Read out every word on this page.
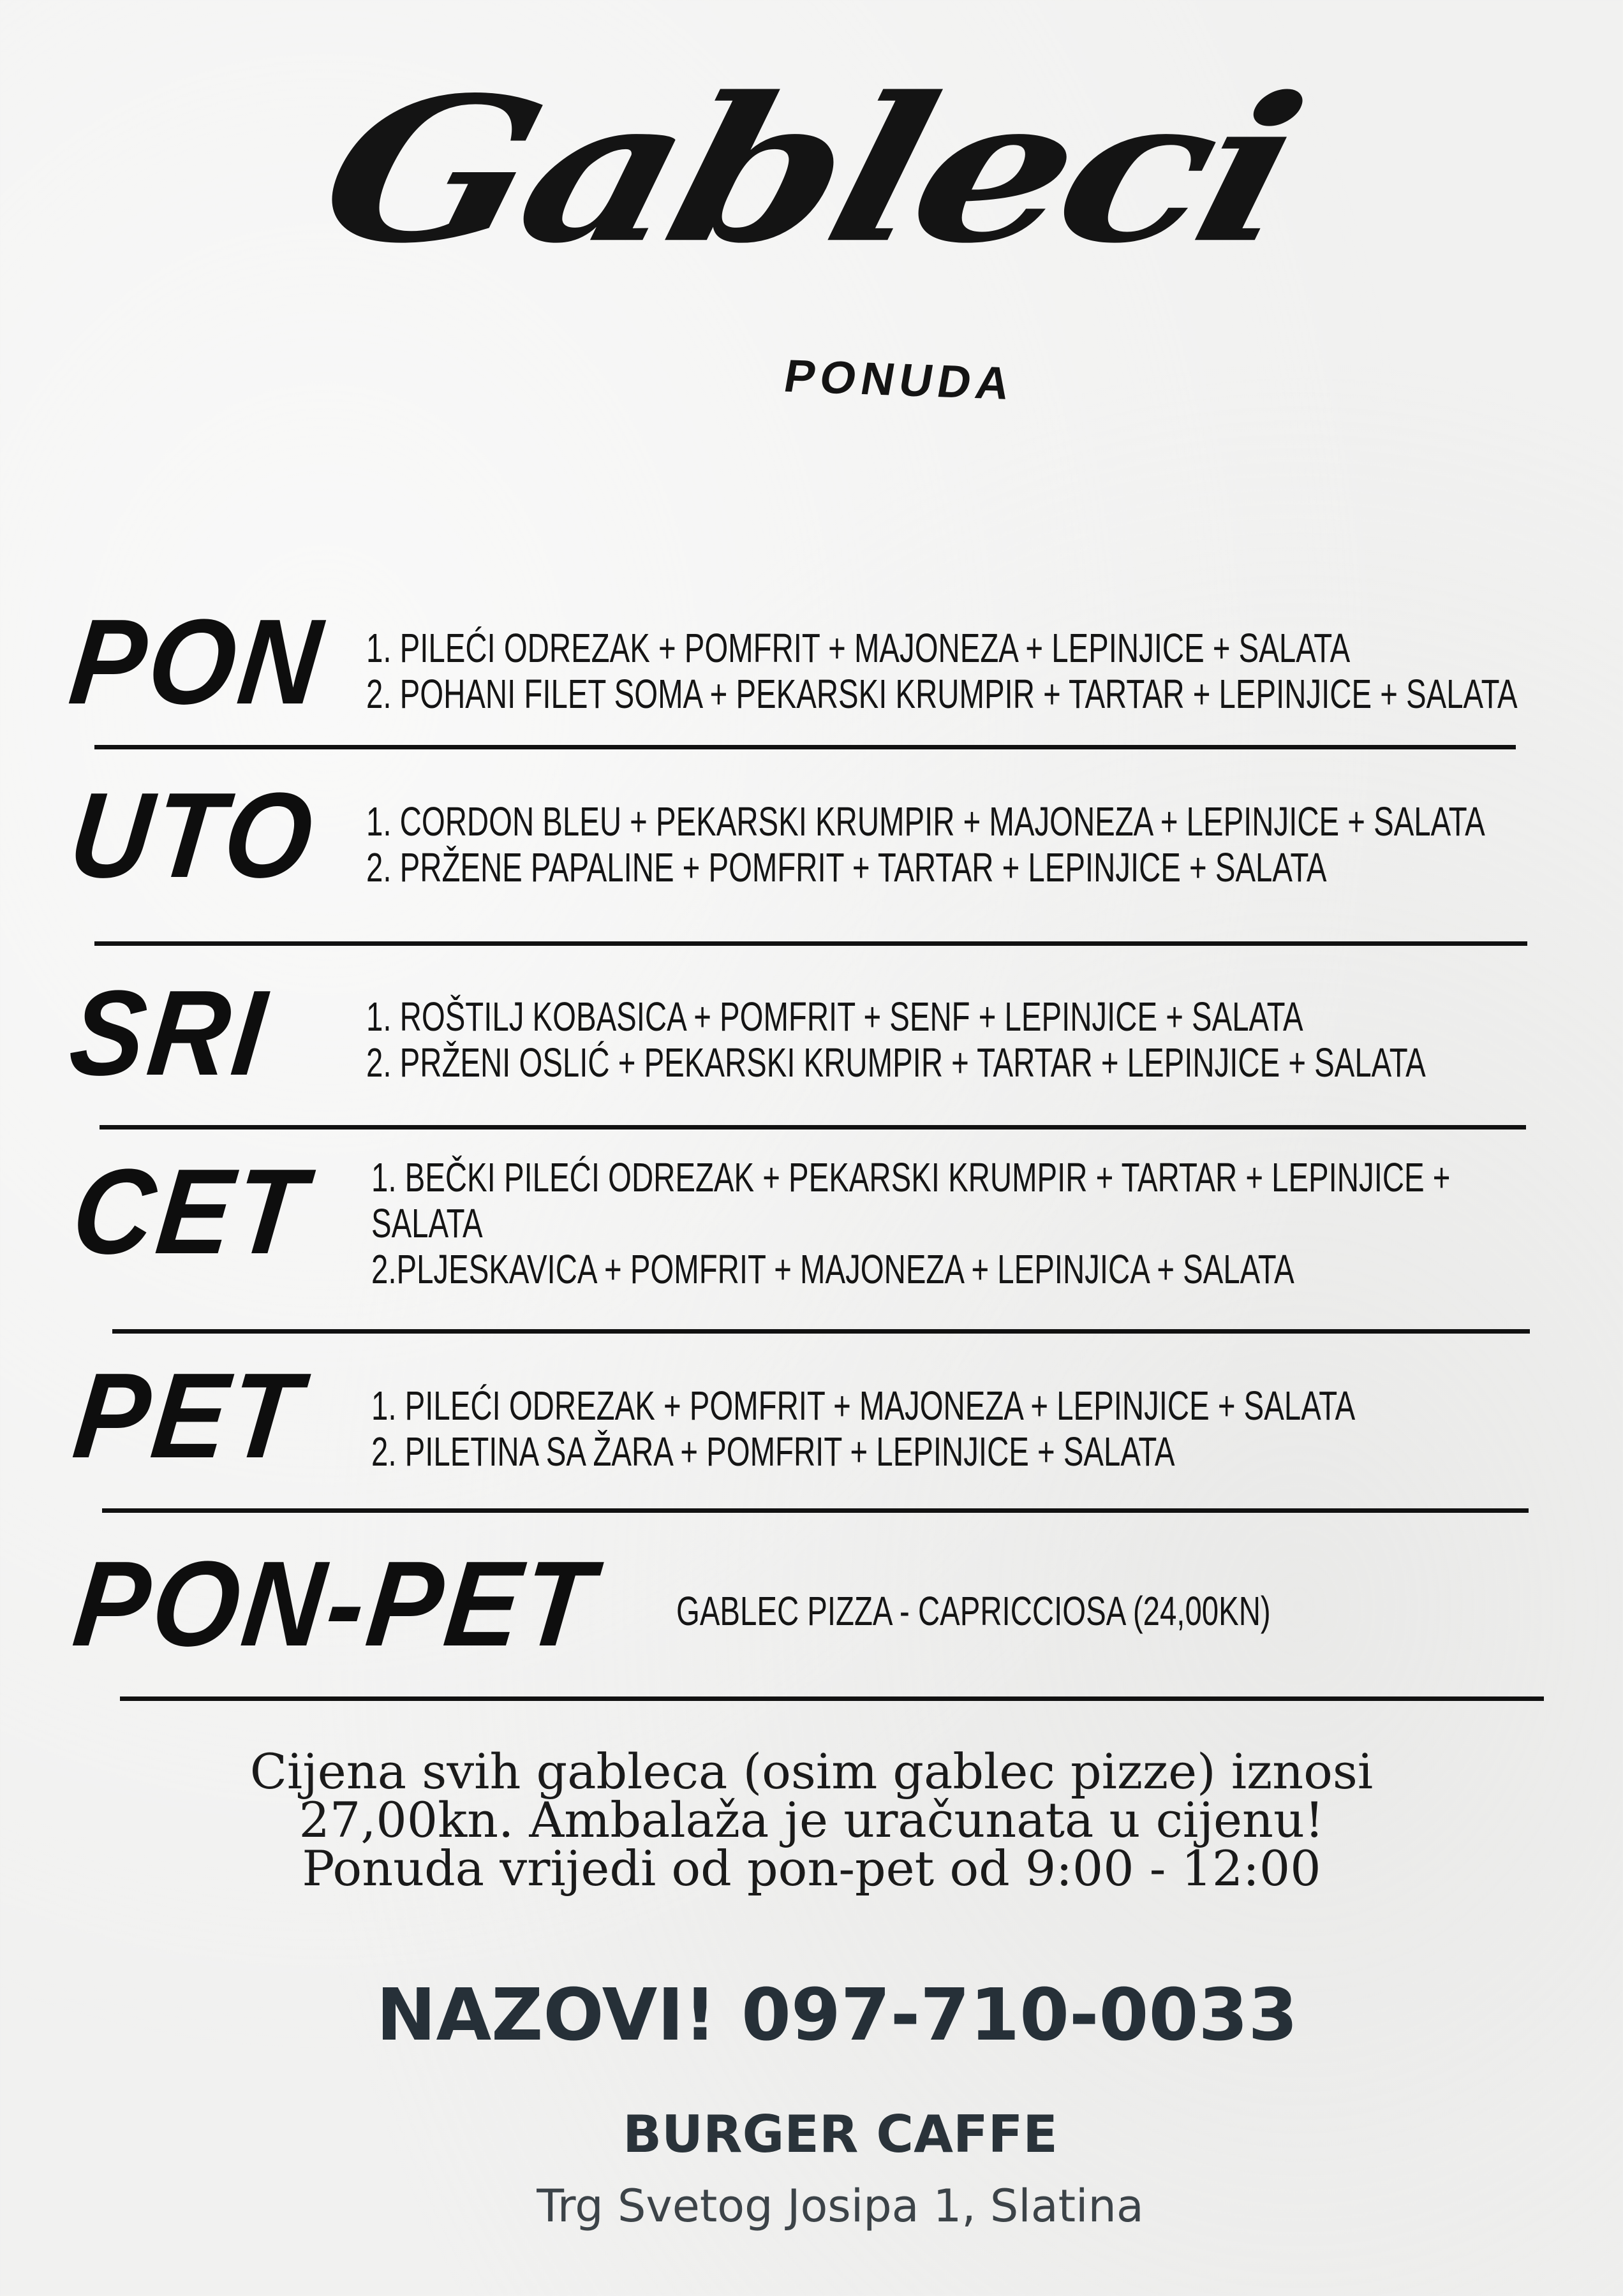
Gableci
PONUDA
PON 1. PILEĆI ODREZAK + POMFRIT + MAJONEZA + LEPINJICE + SALATA
2. POHANI FILET SOMA + PEKARSKI KRUMPIR + TARTAR + LEPINJICE + SALATA
UTO 1. CORDON BLEU + PEKARSKI KRUMPIR + MAJONEZA + LEPINJICE + SALATA
2. PRŽENE PAPALINE + POMFRIT + TARTAR + LEPINJICE + SALATA
SRI 1. ROŠTILJ KOBASICA + POMFRIT + SENF + LEPINJICE + SALATA
2. PRŽENI OSLIĆ + PEKARSKI KRUMPIR + TARTAR + LEPINJICE + SALATA
CET 1. BEČKI PILEĆI ODREZAK + PEKARSKI KRUMPIR + TARTAR + LEPINJICE +
SALATA
2.PLJESKAVICA + POMFRIT + MAJONEZA + LEPINJICA + SALATA
PET 1. PILEĆI ODREZAK + POMFRIT + MAJONEZA + LEPINJICE + SALATA
2. PILETINA SA ŽARA + POMFRIT + LEPINJICE + SALATA
PON-PET GABLEC PIZZA - CAPRICCIOSA (24,00KN)
Cijena svih gableca (osim gablec pizze) iznosi
27,00kn. Ambalaža je uračunata u cijenu!
Ponuda vrijedi od pon-pet od 9:00 - 12:00
NAZOVI! 097-710-0033
BURGER CAFFE
Trg Svetog Josipa 1, Slatina
